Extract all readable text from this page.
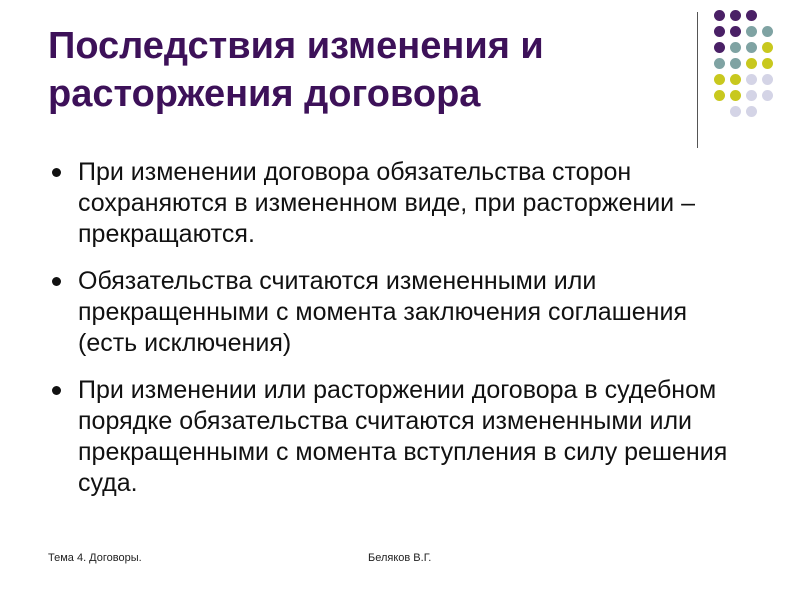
Последствия изменения и расторжения договора
При изменении договора обязательства сторон сохраняются в измененном виде, при расторжении – прекращаются.
Обязательства считаются измененными или прекращенными с момента заключения соглашения (есть исключения)
При изменении или расторжении договора в судебном порядке обязательства считаются измененными или прекращенными с момента вступления в силу решения суда.
Тема 4. Договоры.	Беляков В.Г.
